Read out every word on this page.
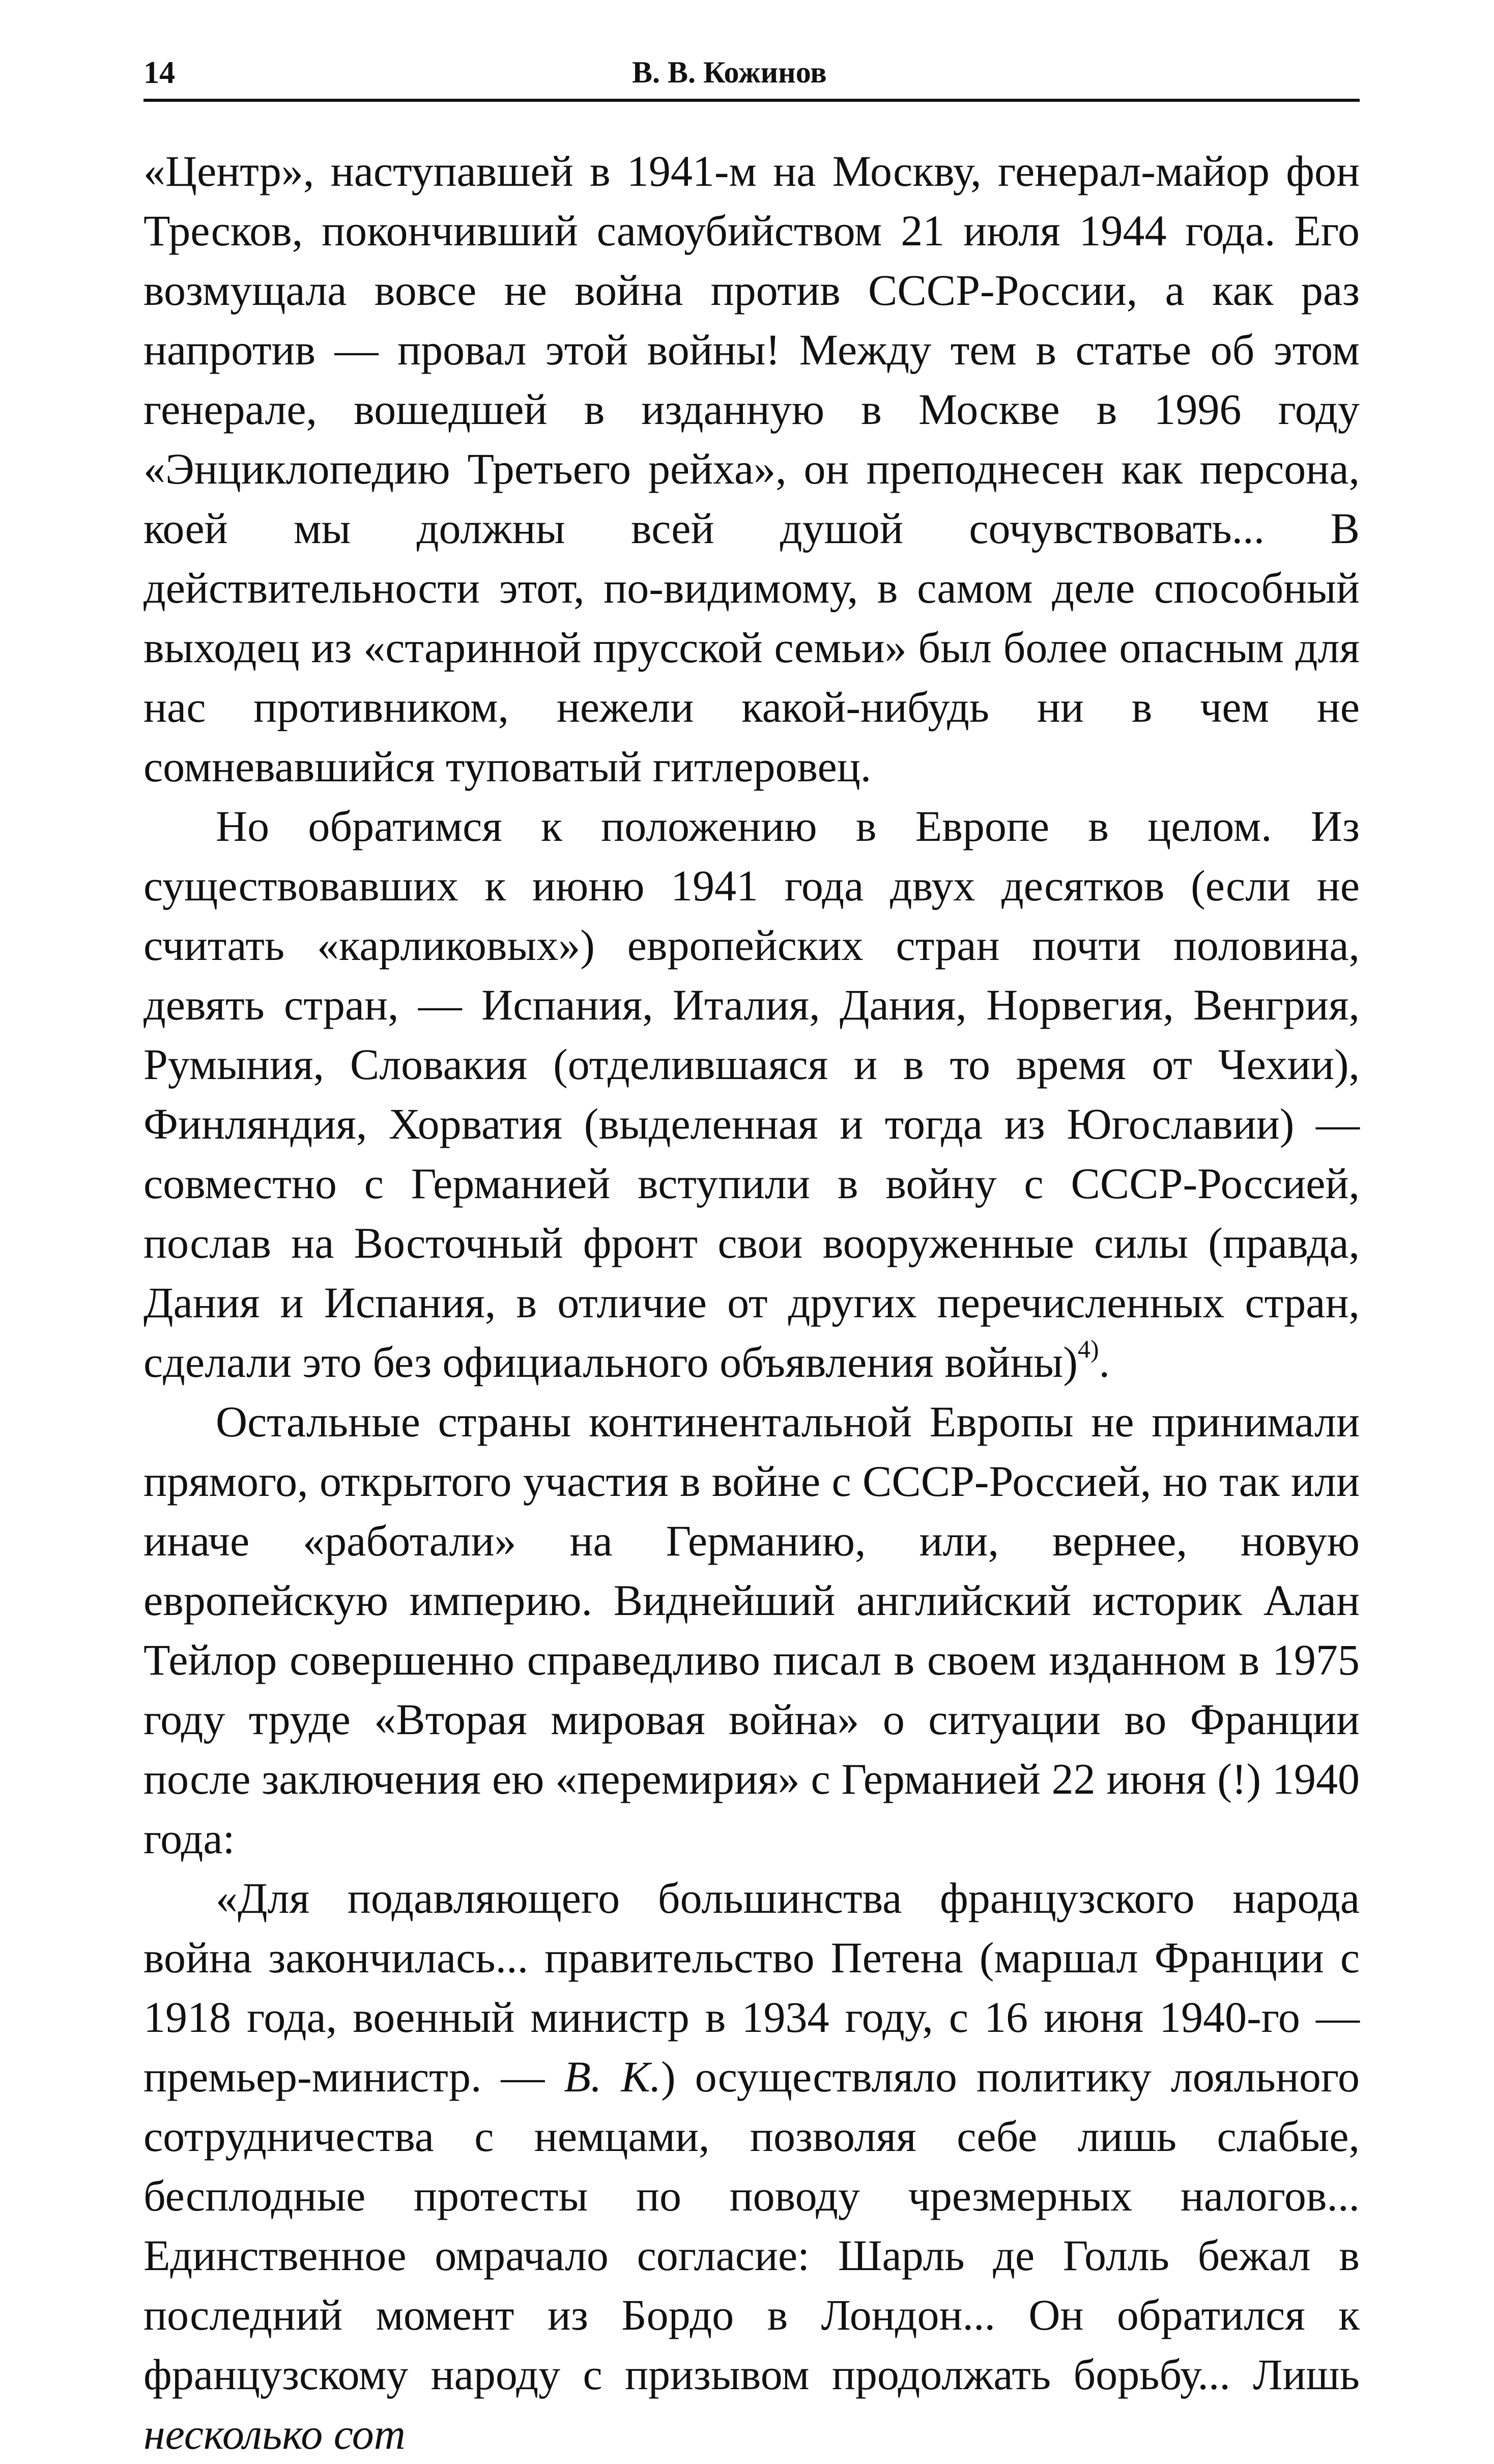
14	В. В. Кожинов

«Центр», наступавшей в 1941-м на Москву, генерал-майор фон Тресков, покончивший самоубийством 21 июля 1944 года. Его возмущала вовсе не война против СССР-России, а как раз напротив — провал этой войны! Между тем в статье об этом генерале, вошедшей в изданную в Москве в 1996 году «Энциклопедию Третьего рейха», он преподнесен как персона, коей мы должны всей душой сочувствовать... В действительности этот, по-видимому, в самом деле способный выходец из «старинной прусской семьи» был более опасным для нас противником, нежели какой-нибудь ни в чем не сомневавшийся туповатый гитлеровец.

Но обратимся к положению в Европе в целом. Из существовавших к июню 1941 года двух десятков (если не считать «карликовых») европейских стран почти половина, девять стран, — Испания, Италия, Дания, Норвегия, Венгрия, Румыния, Словакия (отделившаяся и в то время от Чехии), Финляндия, Хорватия (выделенная и тогда из Югославии) — совместно с Германией вступили в войну с СССР-Россией, послав на Восточный фронт свои вооруженные силы (правда, Дания и Испания, в отличие от других перечисленных стран, сделали это без официального объявления войны)$^{4)}$.

Остальные страны континентальной Европы не принимали прямого, открытого участия в войне с СССР-Россией, но так или иначе «работали» на Германию, или, вернее, новую европейскую империю. Виднейший английский историк Алан Тейлор совершенно справедливо писал в своем изданном в 1975 году труде «Вторая мировая война» о ситуации во Франции после заключения ею «перемирия» с Германией 22 июня (!) 1940 года:

«Для подавляющего большинства французского народа война закончилась... правительство Петена (маршал Франции с 1918 года, военный министр в 1934 году, с 16 июня 1940-го — премьер-министр. — В. К.) осуществляло политику лояльного сотрудничества с немцами, позволяя себе лишь слабые, бесплодные протесты по поводу чрезмерных налогов... Единственное омрачало согласие: Шарль де Голль бежал в последний момент из Бордо в Лондон... Он обратился к французскому народу с призывом продолжать борьбу... Лишь несколько сот
